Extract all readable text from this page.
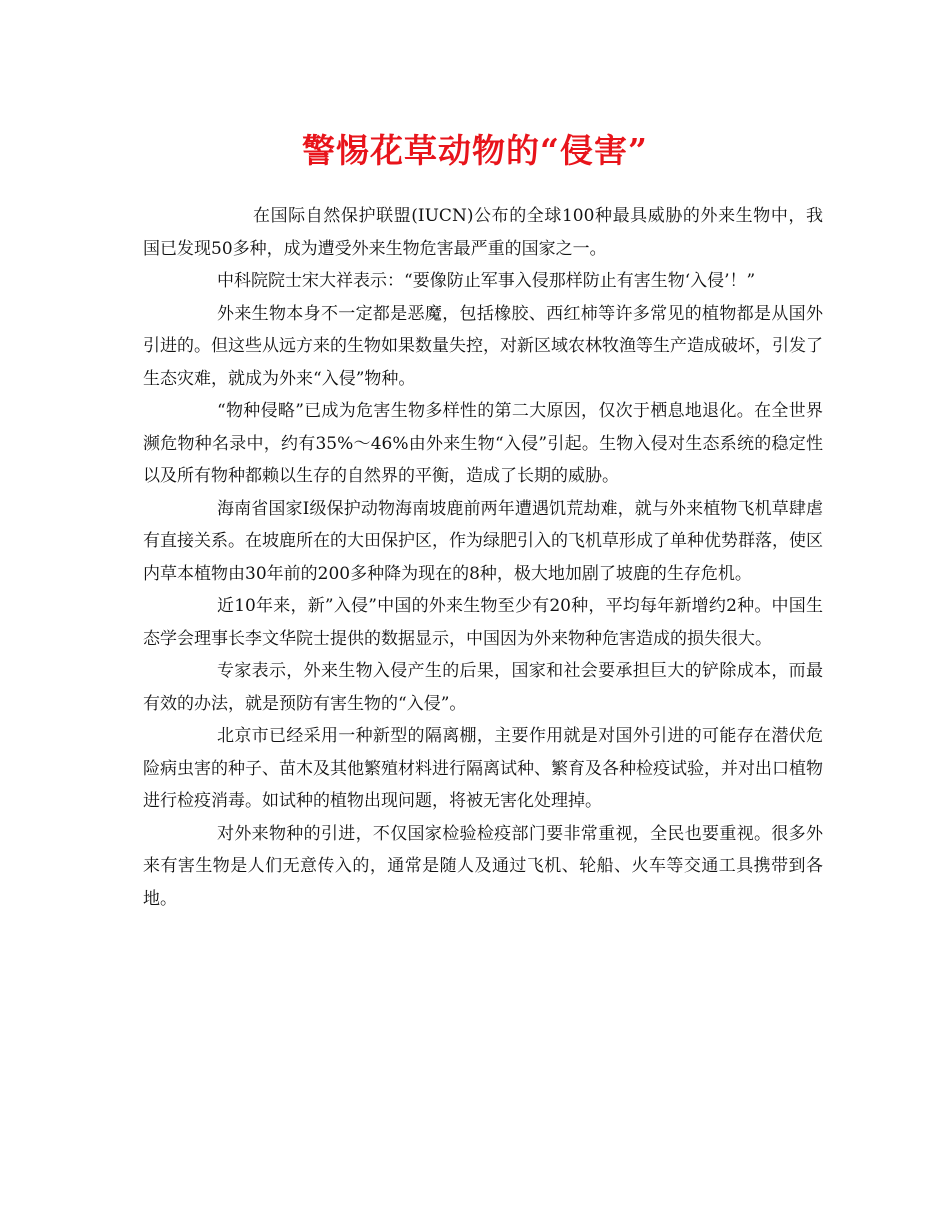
警惕花草动物的“侵害”

在国际自然保护联盟(IUCN)公布的全球100种最具威胁的外来生物中，我国已发现50多种，成为遭受外来生物危害最严重的国家之一。

中科院院士宋大祥表示：“要像防止军事入侵那样防止有害生物‘入侵’！”

外来生物本身不一定都是恶魔，包括橡胶、西红柿等许多常见的植物都是从国外引进的。但这些从远方来的生物如果数量失控，对新区域农林牧渔等生产造成破坏，引发了生态灾难，就成为外来“入侵”物种。

“物种侵略”已成为危害生物多样性的第二大原因，仅次于栖息地退化。在全世界濒危物种名录中，约有35%～46%由外来生物“入侵”引起。生物入侵对生态系统的稳定性以及所有物种都赖以生存的自然界的平衡，造成了长期的威胁。

海南省国家I级保护动物海南坡鹿前两年遭遇饥荒劫难，就与外来植物飞机草肆虐有直接关系。在坡鹿所在的大田保护区，作为绿肥引入的飞机草形成了单种优势群落，使区内草本植物由30年前的200多种降为现在的8种，极大地加剧了坡鹿的生存危机。

近10年来，新”入侵”中国的外来生物至少有20种，平均每年新增约2种。中国生态学会理事长李文华院士提供的数据显示，中国因为外来物种危害造成的损失很大。

专家表示，外来生物入侵产生的后果，国家和社会要承担巨大的铲除成本，而最有效的办法，就是预防有害生物的“入侵”。

北京市已经采用一种新型的隔离棚，主要作用就是对国外引进的可能存在潜伏危险病虫害的种子、苗木及其他繁殖材料进行隔离试种、繁育及各种检疫试验，并对出口植物进行检疫消毒。如试种的植物出现问题，将被无害化处理掉。

对外来物种的引进，不仅国家检验检疫部门要非常重视，全民也要重视。很多外来有害生物是人们无意传入的，通常是随人及通过飞机、轮船、火车等交通工具携带到各地。
